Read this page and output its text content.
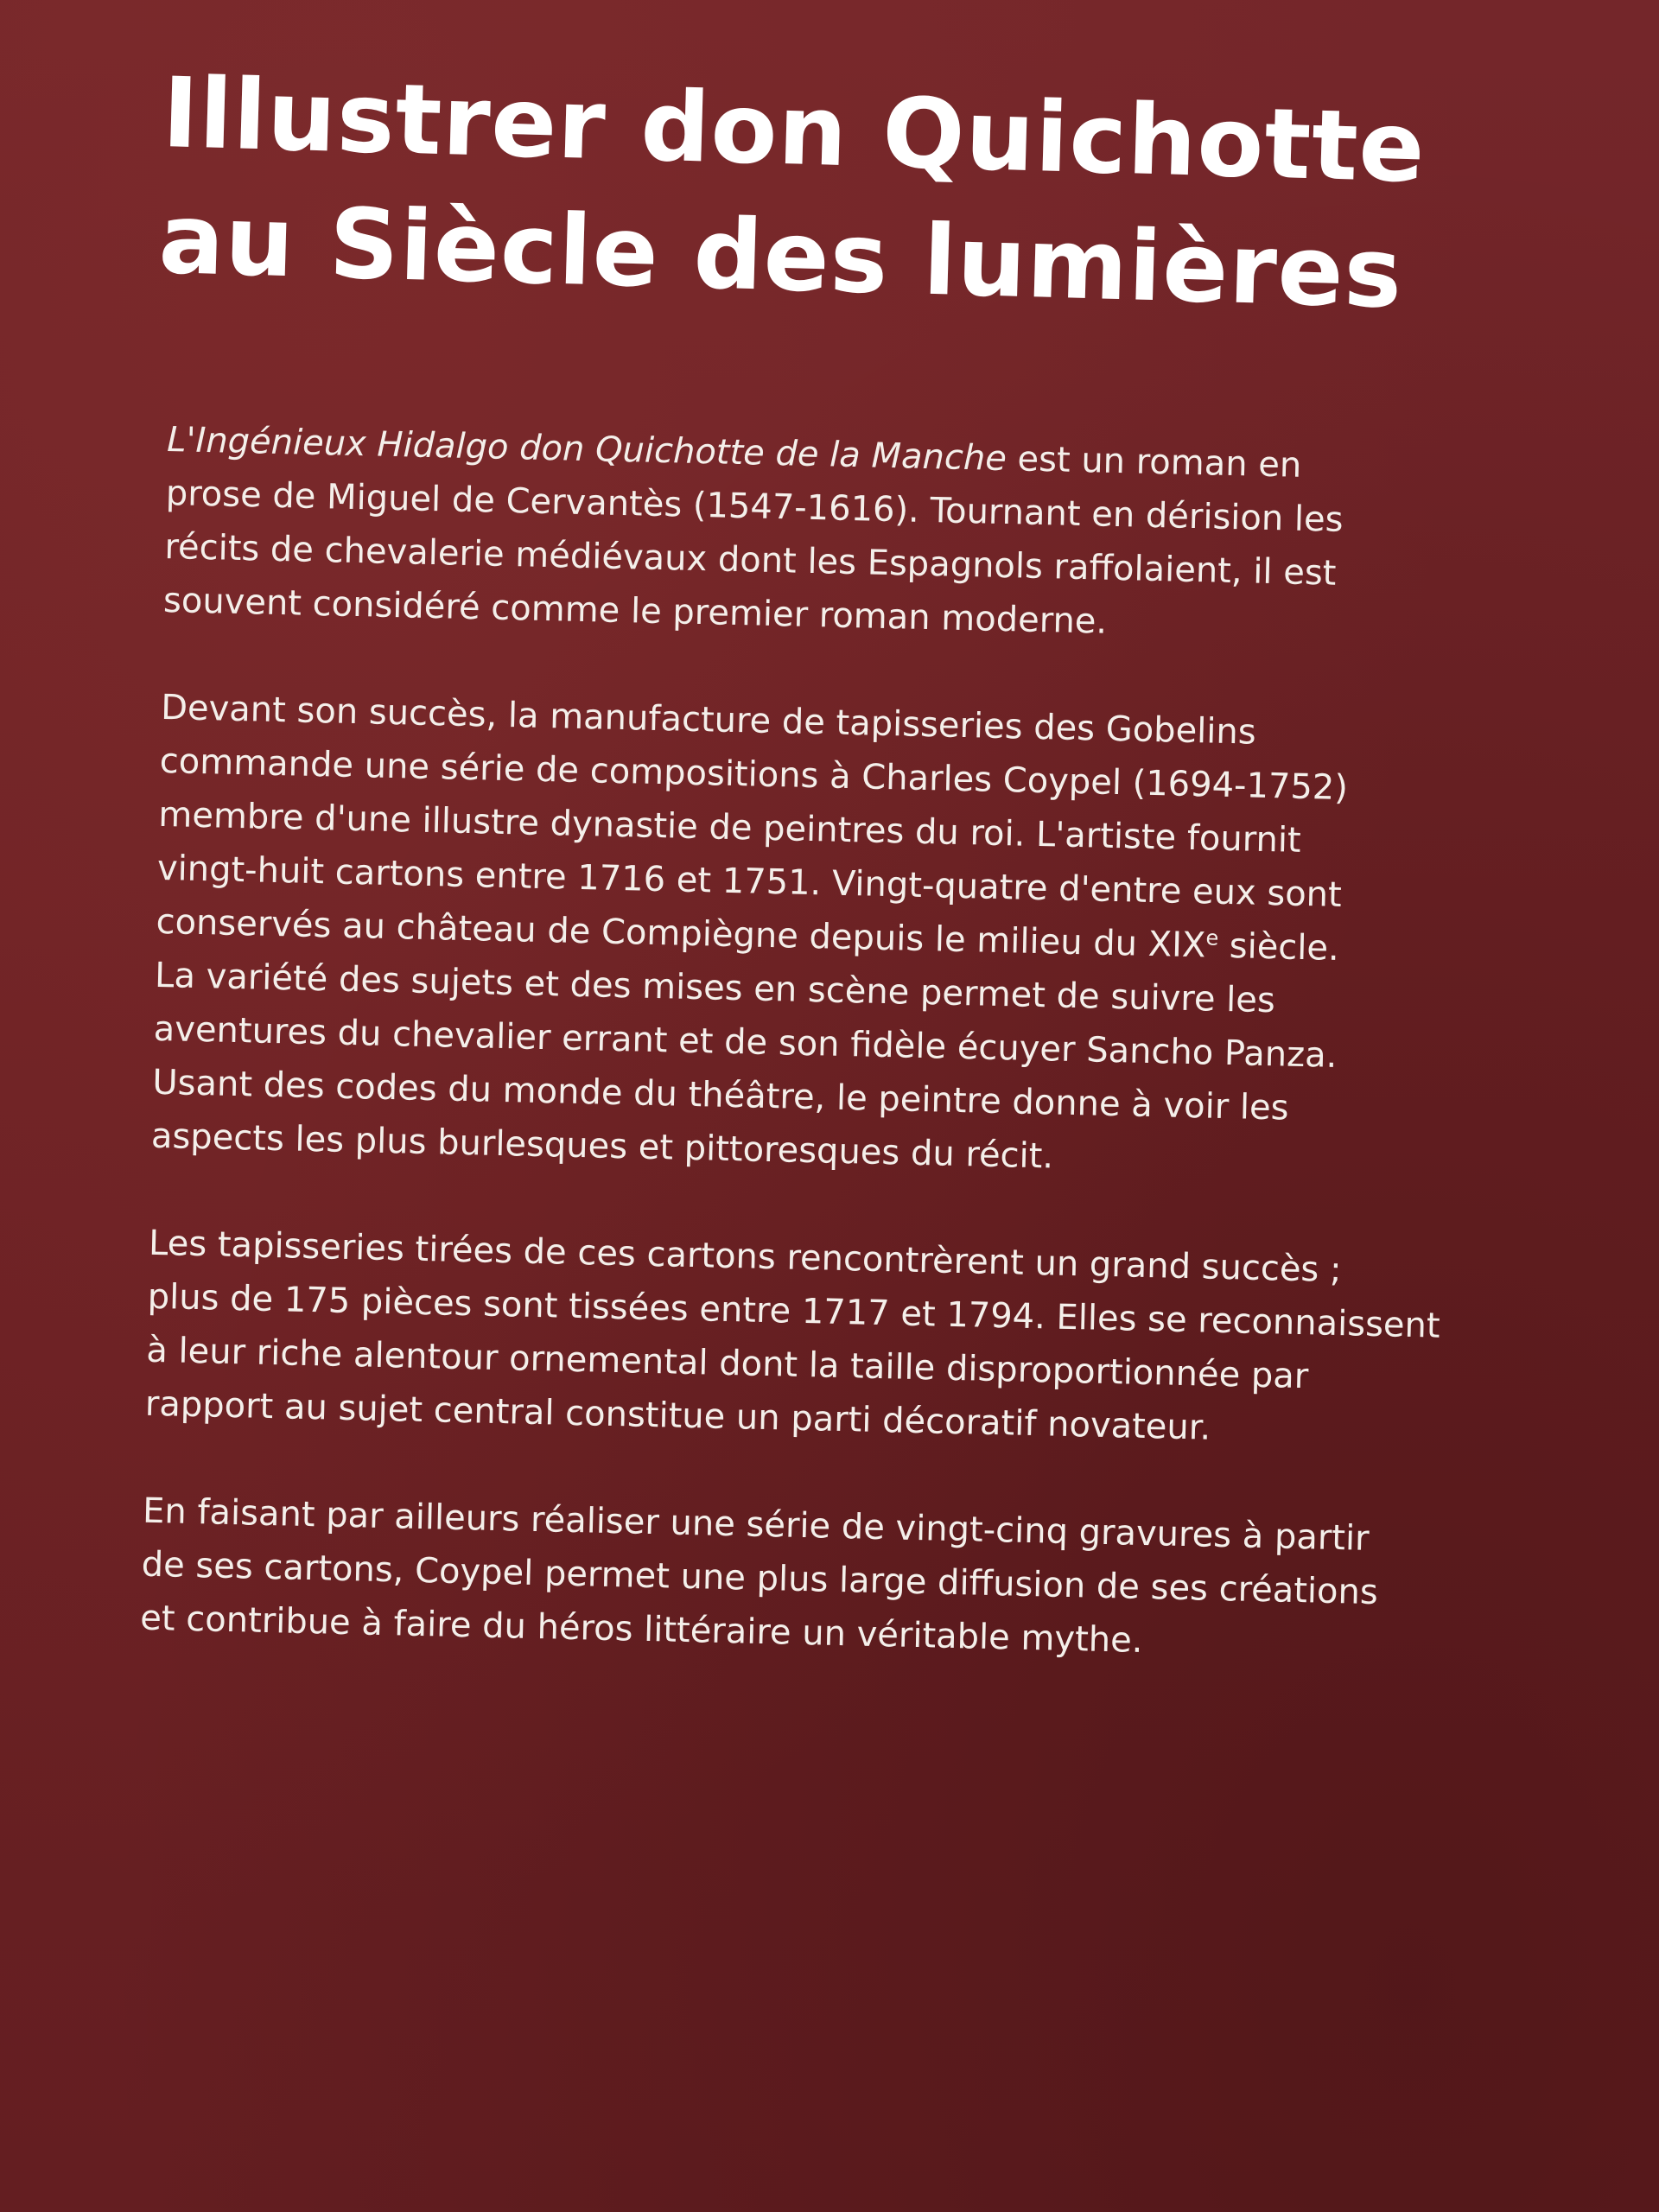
Illustrer don Quichotte
au Siècle des lumières

L'Ingénieux Hidalgo don Quichotte de la Manche est un roman en
prose de Miguel de Cervantès (1547-1616). Tournant en dérision les
récits de chevalerie médiévaux dont les Espagnols raffolaient, il est
souvent considéré comme le premier roman moderne.

Devant son succès, la manufacture de tapisseries des Gobelins
commande une série de compositions à Charles Coypel (1694-1752)
membre d'une illustre dynastie de peintres du roi. L'artiste fournit
vingt-huit cartons entre 1716 et 1751. Vingt-quatre d'entre eux sont
conservés au château de Compiègne depuis le milieu du XIXe siècle.
La variété des sujets et des mises en scène permet de suivre les
aventures du chevalier errant et de son fidèle écuyer Sancho Panza.
Usant des codes du monde du théâtre, le peintre donne à voir les
aspects les plus burlesques et pittoresques du récit.

Les tapisseries tirées de ces cartons rencontrèrent un grand succès ;
plus de 175 pièces sont tissées entre 1717 et 1794. Elles se reconnaissent
à leur riche alentour ornemental dont la taille disproportionnée par
rapport au sujet central constitue un parti décoratif novateur.

En faisant par ailleurs réaliser une série de vingt-cinq gravures à partir
de ses cartons, Coypel permet une plus large diffusion de ses créations
et contribue à faire du héros littéraire un véritable mythe.
